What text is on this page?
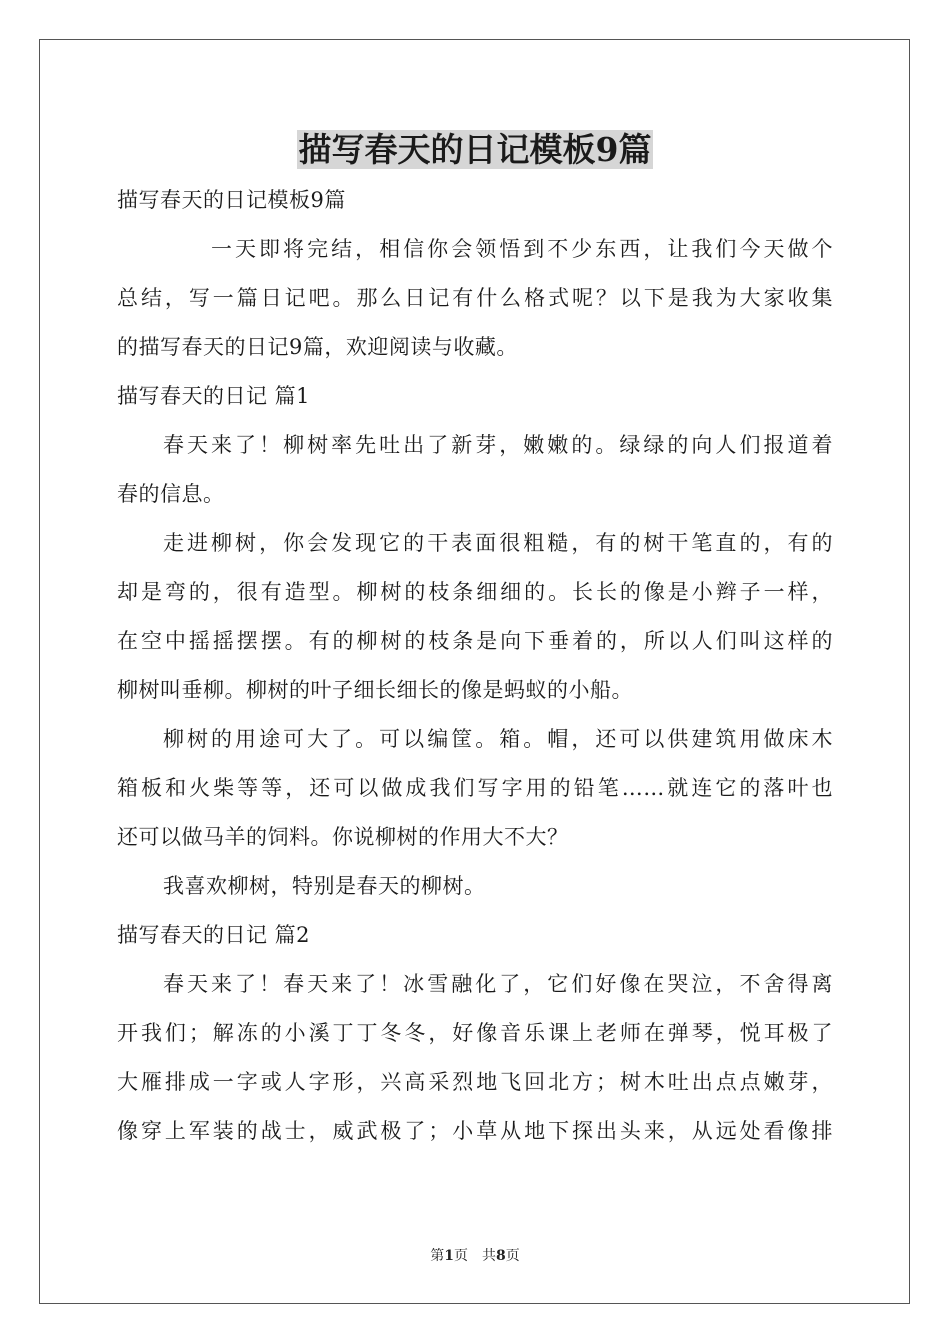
描写春天的日记模板9篇
描写春天的日记模板9篇
一天即将完结，相信你会领悟到不少东西，让我们今天做个
总结，写一篇日记吧。那么日记有什么格式呢？以下是我为大家收集
的描写春天的日记9篇，欢迎阅读与收藏。
描写春天的日记 篇1
春天来了！柳树率先吐出了新芽，嫩嫩的。绿绿的向人们报道着
春的信息。
走进柳树，你会发现它的干表面很粗糙，有的树干笔直的，有的
却是弯的，很有造型。柳树的枝条细细的。长长的像是小辫子一样，
在空中摇摇摆摆。有的柳树的枝条是向下垂着的，所以人们叫这样的
柳树叫垂柳。柳树的叶子细长细长的像是蚂蚁的小船。
柳树的用途可大了。可以编筐。箱。帽，还可以供建筑用做床木
箱板和火柴等等，还可以做成我们写字用的铅笔……就连它的落叶也
还可以做马羊的饲料。你说柳树的作用大不大？
我喜欢柳树，特别是春天的柳树。
描写春天的日记 篇2
春天来了！春天来了！冰雪融化了，它们好像在哭泣，不舍得离
开我们；解冻的小溪丁丁冬冬，好像音乐课上老师在弹琴，悦耳极了
大雁排成一字或人字形，兴高采烈地飞回北方；树木吐出点点嫩芽，
像穿上军装的战士，威武极了；小草从地下探出头来，从远处看像排
第1页 共8页
